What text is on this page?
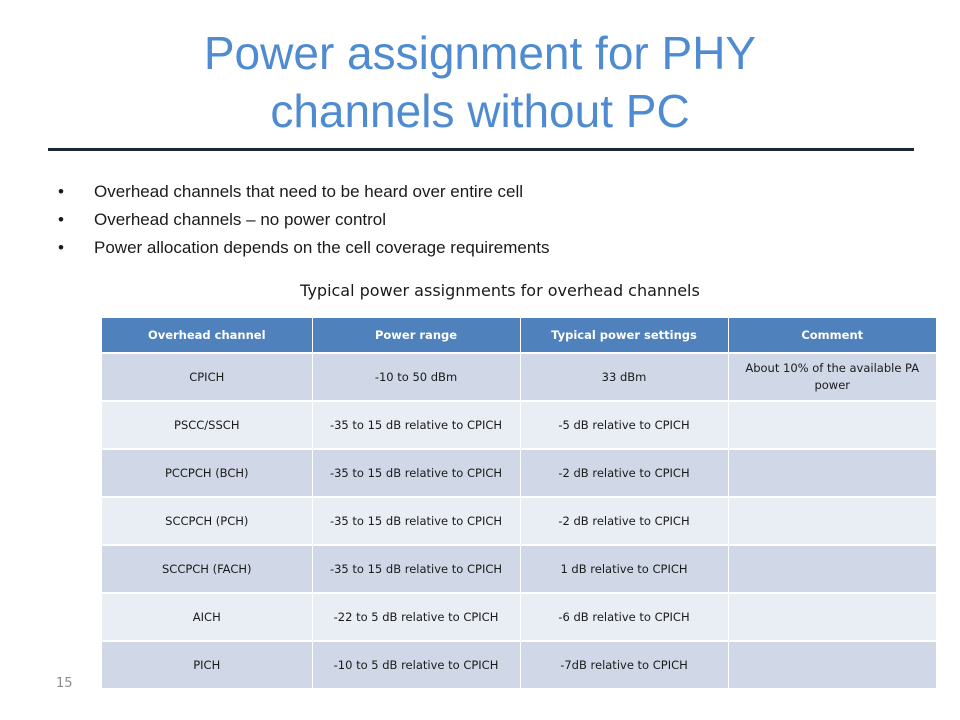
Power assignment for PHY
channels without PC
• Overhead channels that need to be heard over entire cell
• Overhead channels – no power control
• Power allocation depends on the cell coverage requirements
Typical power assignments for overhead channels
Overhead channel	Power range	Typical power settings	Comment
CPICH	-10 to 50 dBm	33 dBm	About 10% of the available PA power
PSCC/SSCH	-35 to 15 dB relative to CPICH	-5 dB relative to CPICH	
PCCPCH (BCH)	-35 to 15 dB relative to CPICH	-2 dB relative to CPICH	
SCCPCH (PCH)	-35 to 15 dB relative to CPICH	-2 dB relative to CPICH	
SCCPCH (FACH)	-35 to 15 dB relative to CPICH	1 dB relative to CPICH	
AICH	-22 to 5 dB relative to CPICH	-6 dB relative to CPICH	
PICH	-10 to 5 dB relative to CPICH	-7dB relative to CPICH	
15
